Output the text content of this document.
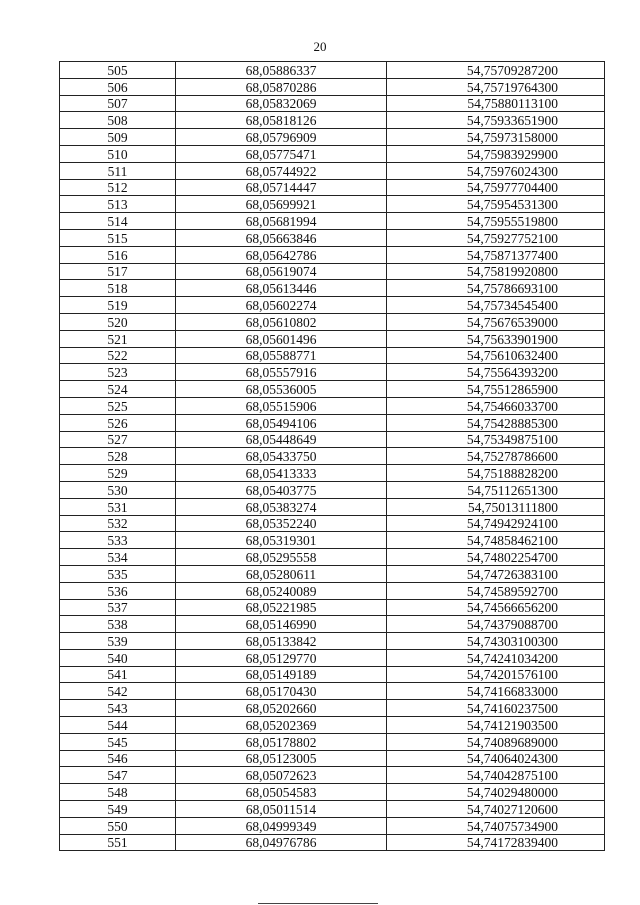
20
505	68,05886337	54,75709287200
506	68,05870286	54,75719764300
507	68,05832069	54,75880113100
508	68,05818126	54,75933651900
509	68,05796909	54,75973158000
510	68,05775471	54,75983929900
511	68,05744922	54,75976024300
512	68,05714447	54,75977704400
513	68,05699921	54,75954531300
514	68,05681994	54,75955519800
515	68,05663846	54,75927752100
516	68,05642786	54,75871377400
517	68,05619074	54,75819920800
518	68,05613446	54,75786693100
519	68,05602274	54,75734545400
520	68,05610802	54,75676539000
521	68,05601496	54,75633901900
522	68,05588771	54,75610632400
523	68,05557916	54,75564393200
524	68,05536005	54,75512865900
525	68,05515906	54,75466033700
526	68,05494106	54,75428885300
527	68,05448649	54,75349875100
528	68,05433750	54,75278786600
529	68,05413333	54,75188828200
530	68,05403775	54,75112651300
531	68,05383274	54,75013111800
532	68,05352240	54,74942924100
533	68,05319301	54,74858462100
534	68,05295558	54,74802254700
535	68,05280611	54,74726383100
536	68,05240089	54,74589592700
537	68,05221985	54,74566656200
538	68,05146990	54,74379088700
539	68,05133842	54,74303100300
540	68,05129770	54,74241034200
541	68,05149189	54,74201576100
542	68,05170430	54,74166833000
543	68,05202660	54,74160237500
544	68,05202369	54,74121903500
545	68,05178802	54,74089689000
546	68,05123005	54,74064024300
547	68,05072623	54,74042875100
548	68,05054583	54,74029480000
549	68,05011514	54,74027120600
550	68,04999349	54,74075734900
551	68,04976786	54,74172839400
